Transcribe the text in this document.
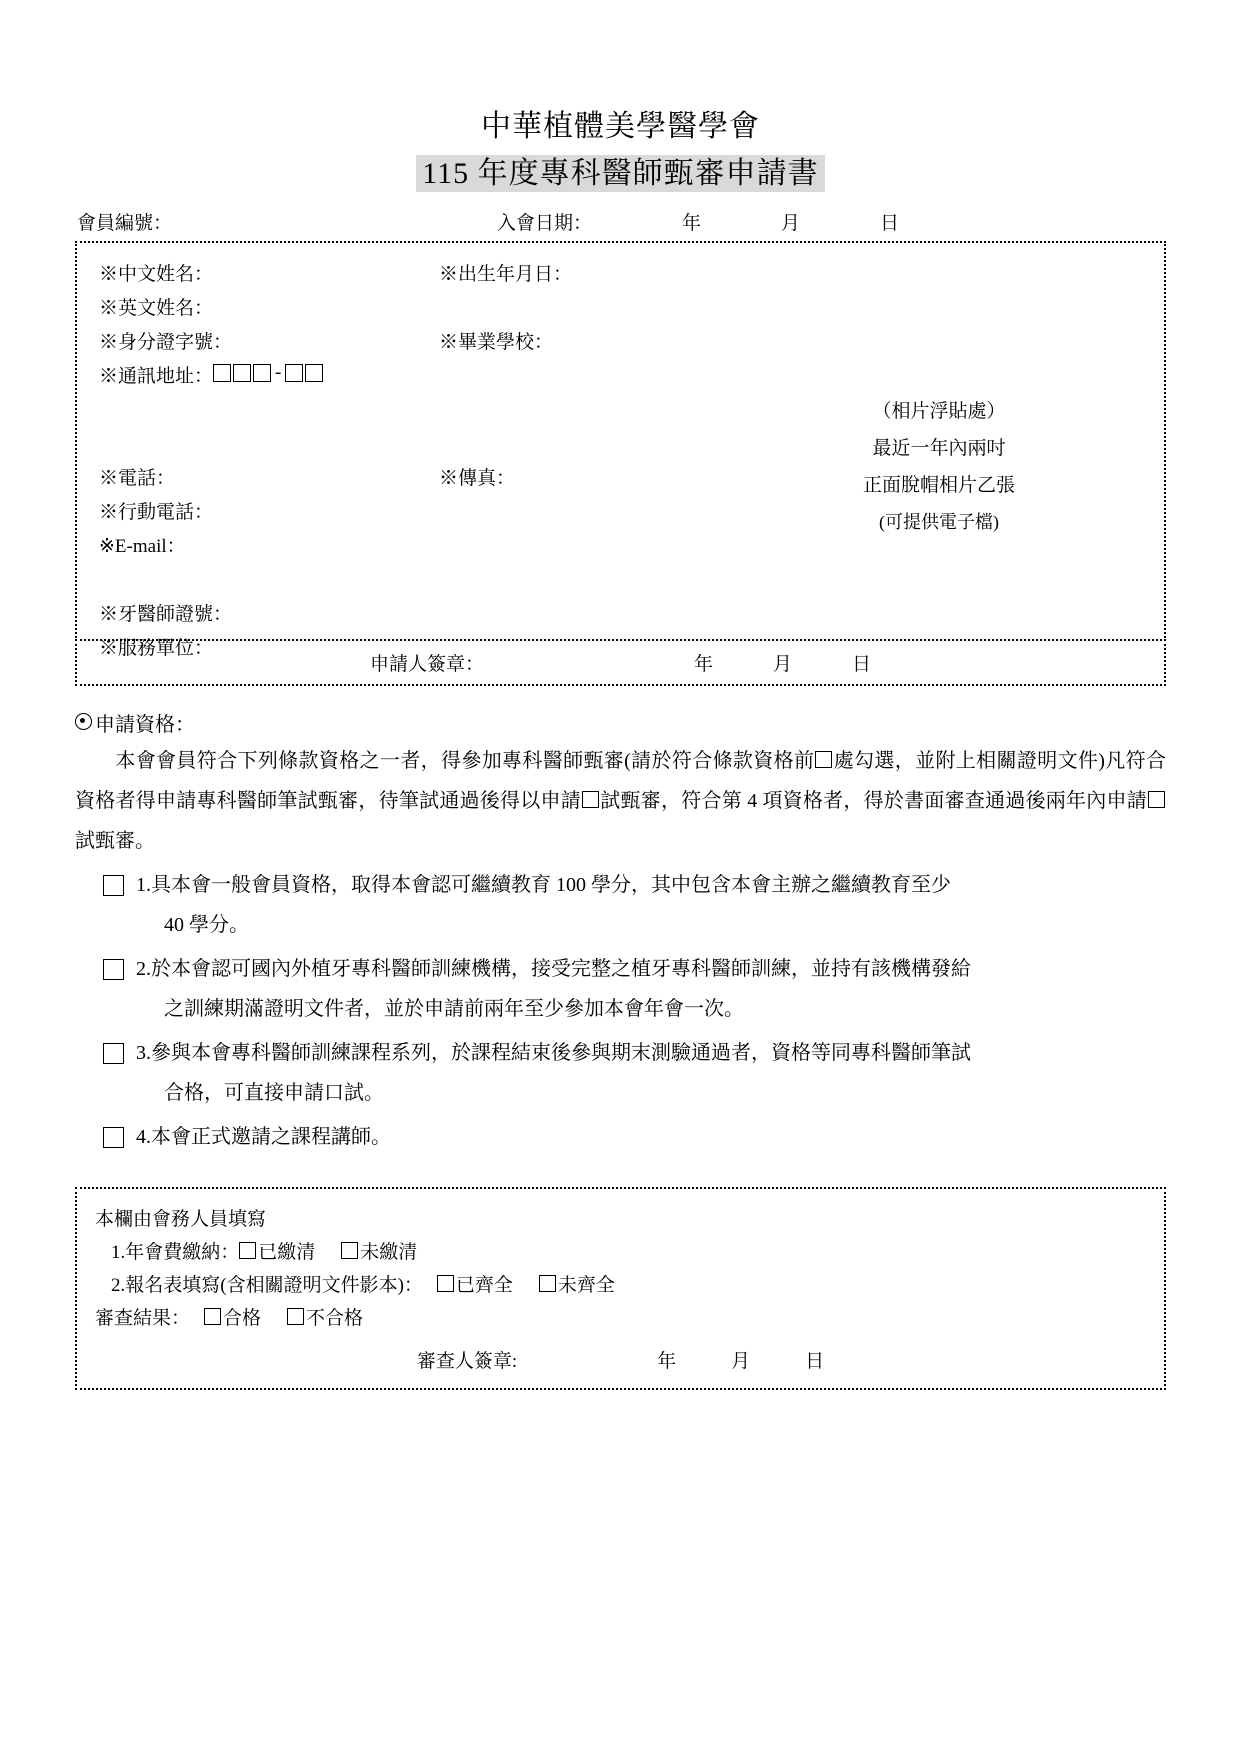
中華植體美學醫學會
115 年度專科醫師甄審申請書
會員編號：	入會日期：	年	月	日
※中文姓名：	※出生年月日：
※英文姓名：
※身分證字號：	※畢業學校：
※通訊地址：	-
※電話：	※傳真：
※行動電話：
※E-mail：
※牙醫師證號：
※服務單位：
（相片浮貼處）
最近一年內兩吋
正面脫帽相片乙張
(可提供電子檔)
申請人簽章：	年	月	日
申請資格：
本會會員符合下列條款資格之一者，得參加專科醫師甄審(請於符合條款資格前 處勾選，並附上相關證明文件)凡符合資格者得申請專科醫師筆試甄審，待筆試通過後得以申請 試甄審，符合第 4 項資格者，得於書面審查通過後兩年內申請試甄審。
1.具本會一般會員資格，取得本會認可繼續教育 100 學分，其中包含本會主辦之繼續教育至少
40 學分。
2.於本會認可國內外植牙專科醫師訓練機構，接受完整之植牙專科醫師訓練，並持有該機構發給
之訓練期滿證明文件者，並於申請前兩年至少參加本會年會一次。
3.參與本會專科醫師訓練課程系列，於課程結束後參與期末測驗通過者，資格等同專科醫師筆試
合格，可直接申請口試。
4.本會正式邀請之課程講師。
本欄由會務人員填寫
1.年會費繳納： 已繳清 未繳清
2.報名表填寫(含相關證明文件影本)： 已齊全 未齊全
審查結果： 合格 不合格
審查人簽章:	年	月	日
